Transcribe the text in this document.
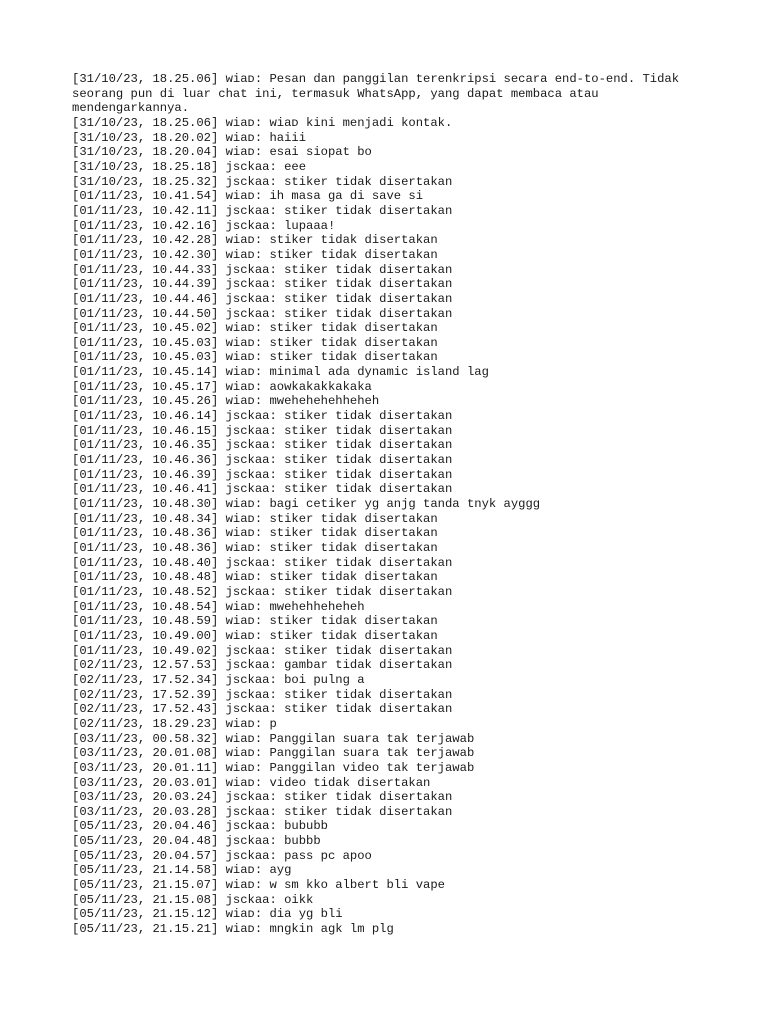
[31/10/23, 18.25.06] wiaᴅ: Pesan dan panggilan terenkripsi secara end-to-end. Tidak seorang pun di luar chat ini, termasuk WhatsApp, yang dapat membaca atau mendengarkannya.
[31/10/23, 18.25.06] wiaᴅ: wiaᴅ kini menjadi kontak.
[31/10/23, 18.20.02] wiaᴅ: haiii
[31/10/23, 18.20.04] wiaᴅ: esai siopat bo
[31/10/23, 18.25.18] jsckaa: eee
[31/10/23, 18.25.32] jsckaa: stiker tidak disertakan
[01/11/23, 10.41.54] wiaᴅ: ih masa ga di save si
[01/11/23, 10.42.11] jsckaa: stiker tidak disertakan
[01/11/23, 10.42.16] jsckaa: lupaaa!
[01/11/23, 10.42.28] wiaᴅ: stiker tidak disertakan
[01/11/23, 10.42.30] wiaᴅ: stiker tidak disertakan
[01/11/23, 10.44.33] jsckaa: stiker tidak disertakan
[01/11/23, 10.44.39] jsckaa: stiker tidak disertakan
[01/11/23, 10.44.46] jsckaa: stiker tidak disertakan
[01/11/23, 10.44.50] jsckaa: stiker tidak disertakan
[01/11/23, 10.45.02] wiaᴅ: stiker tidak disertakan
[01/11/23, 10.45.03] wiaᴅ: stiker tidak disertakan
[01/11/23, 10.45.03] wiaᴅ: stiker tidak disertakan
[01/11/23, 10.45.14] wiaᴅ: minimal ada dynamic island lag
[01/11/23, 10.45.17] wiaᴅ: aowkakakkakaka
[01/11/23, 10.45.26] wiaᴅ: mwehehehehheheh
[01/11/23, 10.46.14] jsckaa: stiker tidak disertakan
[01/11/23, 10.46.15] jsckaa: stiker tidak disertakan
[01/11/23, 10.46.35] jsckaa: stiker tidak disertakan
[01/11/23, 10.46.36] jsckaa: stiker tidak disertakan
[01/11/23, 10.46.39] jsckaa: stiker tidak disertakan
[01/11/23, 10.46.41] jsckaa: stiker tidak disertakan
[01/11/23, 10.48.30] wiaᴅ: bagi cetiker yg anjg tanda tnyk ayggg
[01/11/23, 10.48.34] wiaᴅ: stiker tidak disertakan
[01/11/23, 10.48.36] wiaᴅ: stiker tidak disertakan
[01/11/23, 10.48.36] wiaᴅ: stiker tidak disertakan
[01/11/23, 10.48.40] jsckaa: stiker tidak disertakan
[01/11/23, 10.48.48] wiaᴅ: stiker tidak disertakan
[01/11/23, 10.48.52] jsckaa: stiker tidak disertakan
[01/11/23, 10.48.54] wiaᴅ: mwehehheheheh
[01/11/23, 10.48.59] wiaᴅ: stiker tidak disertakan
[01/11/23, 10.49.00] wiaᴅ: stiker tidak disertakan
[01/11/23, 10.49.02] jsckaa: stiker tidak disertakan
[02/11/23, 12.57.53] jsckaa: gambar tidak disertakan
[02/11/23, 17.52.34] jsckaa: boi pulng a
[02/11/23, 17.52.39] jsckaa: stiker tidak disertakan
[02/11/23, 17.52.43] jsckaa: stiker tidak disertakan
[02/11/23, 18.29.23] wiaᴅ: p
[03/11/23, 00.58.32] wiaᴅ: Panggilan suara tak terjawab
[03/11/23, 20.01.08] wiaᴅ: Panggilan suara tak terjawab
[03/11/23, 20.01.11] wiaᴅ: Panggilan video tak terjawab
[03/11/23, 20.03.01] wiaᴅ: video tidak disertakan
[03/11/23, 20.03.24] jsckaa: stiker tidak disertakan
[03/11/23, 20.03.28] jsckaa: stiker tidak disertakan
[05/11/23, 20.04.46] jsckaa: bububb
[05/11/23, 20.04.48] jsckaa: bubbb
[05/11/23, 20.04.57] jsckaa: pass pc apoo
[05/11/23, 21.14.58] wiaᴅ: ayg
[05/11/23, 21.15.07] wiaᴅ: w sm kko albert bli vape
[05/11/23, 21.15.08] jsckaa: oikk
[05/11/23, 21.15.12] wiaᴅ: dia yg bli
[05/11/23, 21.15.21] wiaᴅ: mngkin agk lm plg
